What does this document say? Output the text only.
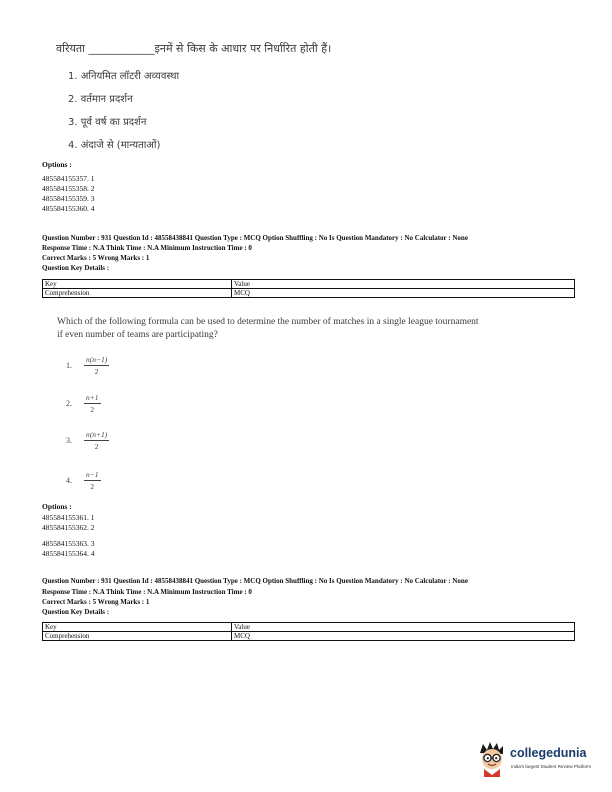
वरियता ____________इनमें से किस के आधार पर निर्धारित होती हैं।
1. अनियमित लॉटरी अव्यवस्था
2. वर्तमान प्रदर्शन
3. पूर्व वर्ष का प्रदर्शन
4. अंदाजे से (मान्यताओं)
Options :
485584155357. 1
485584155358. 2
485584155359. 3
485584155360. 4
Question Number : 931 Question Id : 48558438841 Question Type : MCQ Option Shuffling : No Is Question Mandatory : No Calculator : None
Response Time : N.A Think Time : N.A Minimum Instruction Time : 0
Correct Marks : 5 Wrong Marks : 1
Question Key Details :
Key	Value
Comprehension	MCQ
Which of the following formula can be used to determine the number of matches in a single league tournament
if even number of teams are participating?
1. $\frac{n(n-1)}{2}$
2. $\frac{n+1}{2}$
3. $\frac{n(n+1)}{2}$
4. $\frac{n-1}{2}$
Options :
485584155361. 1
485584155362. 2
485584155363. 3
485584155364. 4
Question Number : 931 Question Id : 48558438841 Question Type : MCQ Option Shuffling : No Is Question Mandatory : No Calculator : None
Response Time : N.A Think Time : N.A Minimum Instruction Time : 0
Correct Marks : 5 Wrong Marks : 1
Question Key Details :
Key	Value
Comprehension	MCQ
collegedunia
India's largest Student Review Platform
